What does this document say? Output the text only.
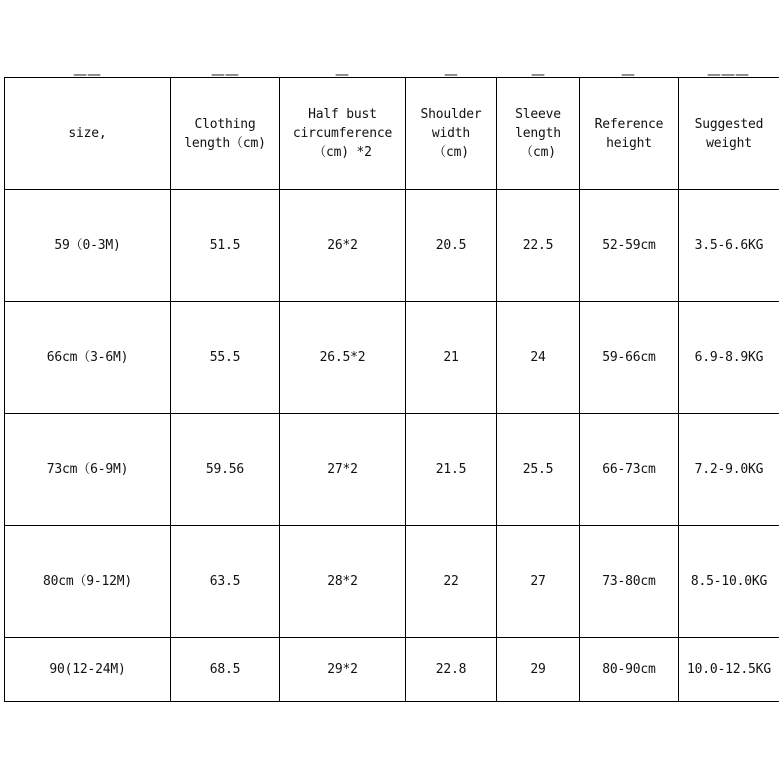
——	——	—	—	—	—	———
size,	Clothing length（cm)	Half bust circumference（cm) *2	Shoulder width（cm)	Sleeve length（cm)	Reference height	Suggested weight

59（0-3M)	51.5	26*2	20.5	22.5	52-59cm	3.5-6.6KG
66cm（3-6M)	55.5	26.5*2	21	24	59-66cm	6.9-8.9KG
73cm（6-9M)	59.56	27*2	21.5	25.5	66-73cm	7.2-9.0KG
80cm（9-12M)	63.5	28*2	22	27	73-80cm	8.5-10.0KG
90(12-24M)	68.5	29*2	22.8	29	80-90cm	10.0-12.5KG
